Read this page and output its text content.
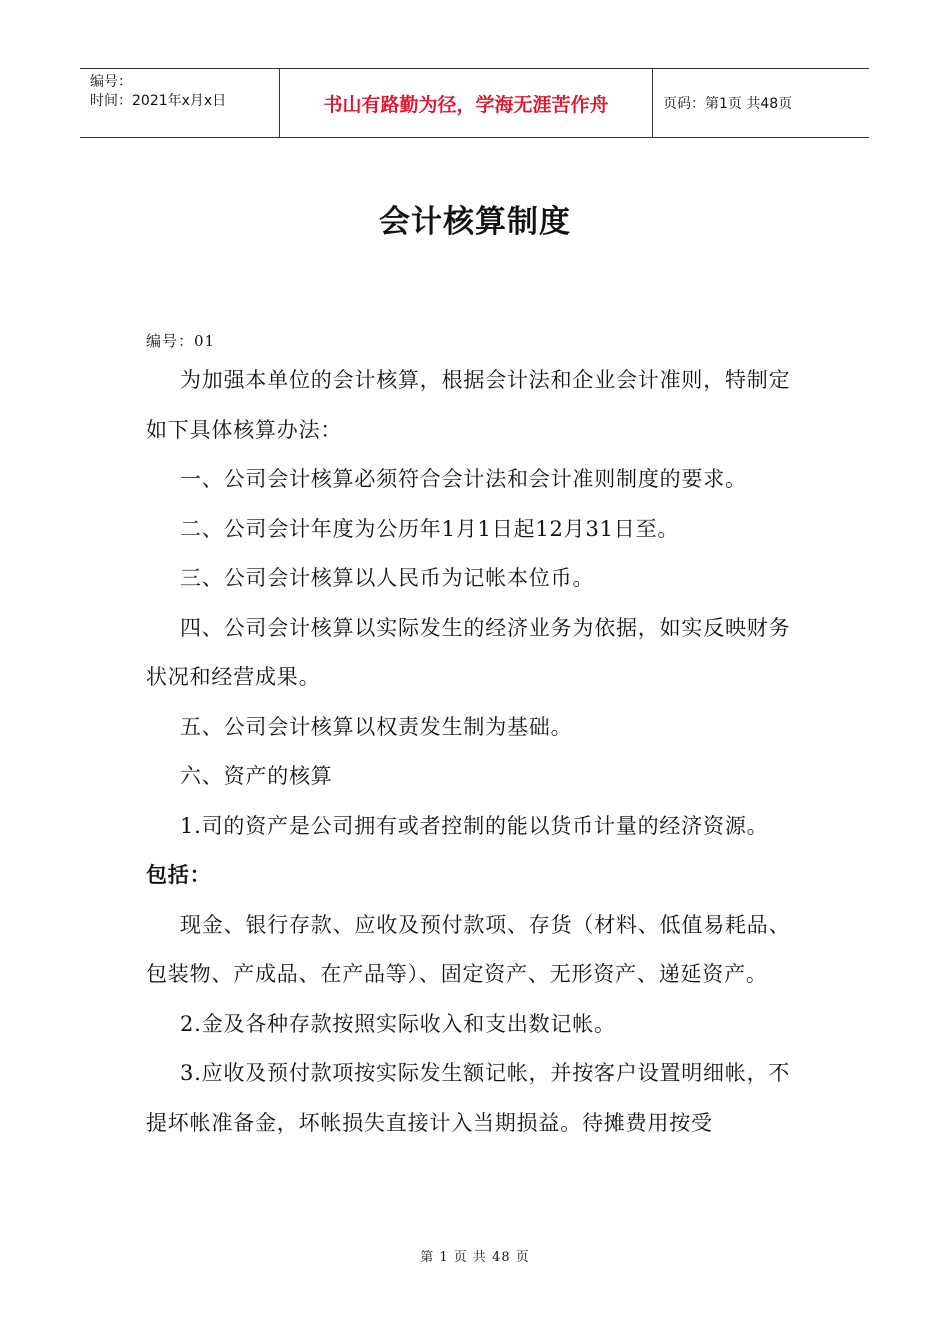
编号：
时间：2021年x月x日	书山有路勤为径，学海无涯苦作舟	页码：第1页 共48页
会计核算制度
编号：01

为加强本单位的会计核算，根据会计法和企业会计准则，特制定如下具体核算办法：

一、公司会计核算必须符合会计法和会计准则制度的要求。

二、公司会计年度为公历年1月1日起12月31日至。

三、公司会计核算以人民币为记帐本位币。

四、公司会计核算以实际发生的经济业务为依据，如实反映财务状况和经营成果。

五、公司会计核算以权责发生制为基础。

六、资产的核算

1.司的资产是公司拥有或者控制的能以货币计量的经济资源。

包括：

现金、银行存款、应收及预付款项、存货（材料、低值易耗品、包装物、产成品、在产品等）、固定资产、无形资产、递延资产。

2.金及各种存款按照实际收入和支出数记帐。

3.应收及预付款项按实际发生额记帐，并按客户设置明细帐，不提坏帐准备金，坏帐损失直接计入当期损益。待摊费用按受

第 1 页 共 48 页
